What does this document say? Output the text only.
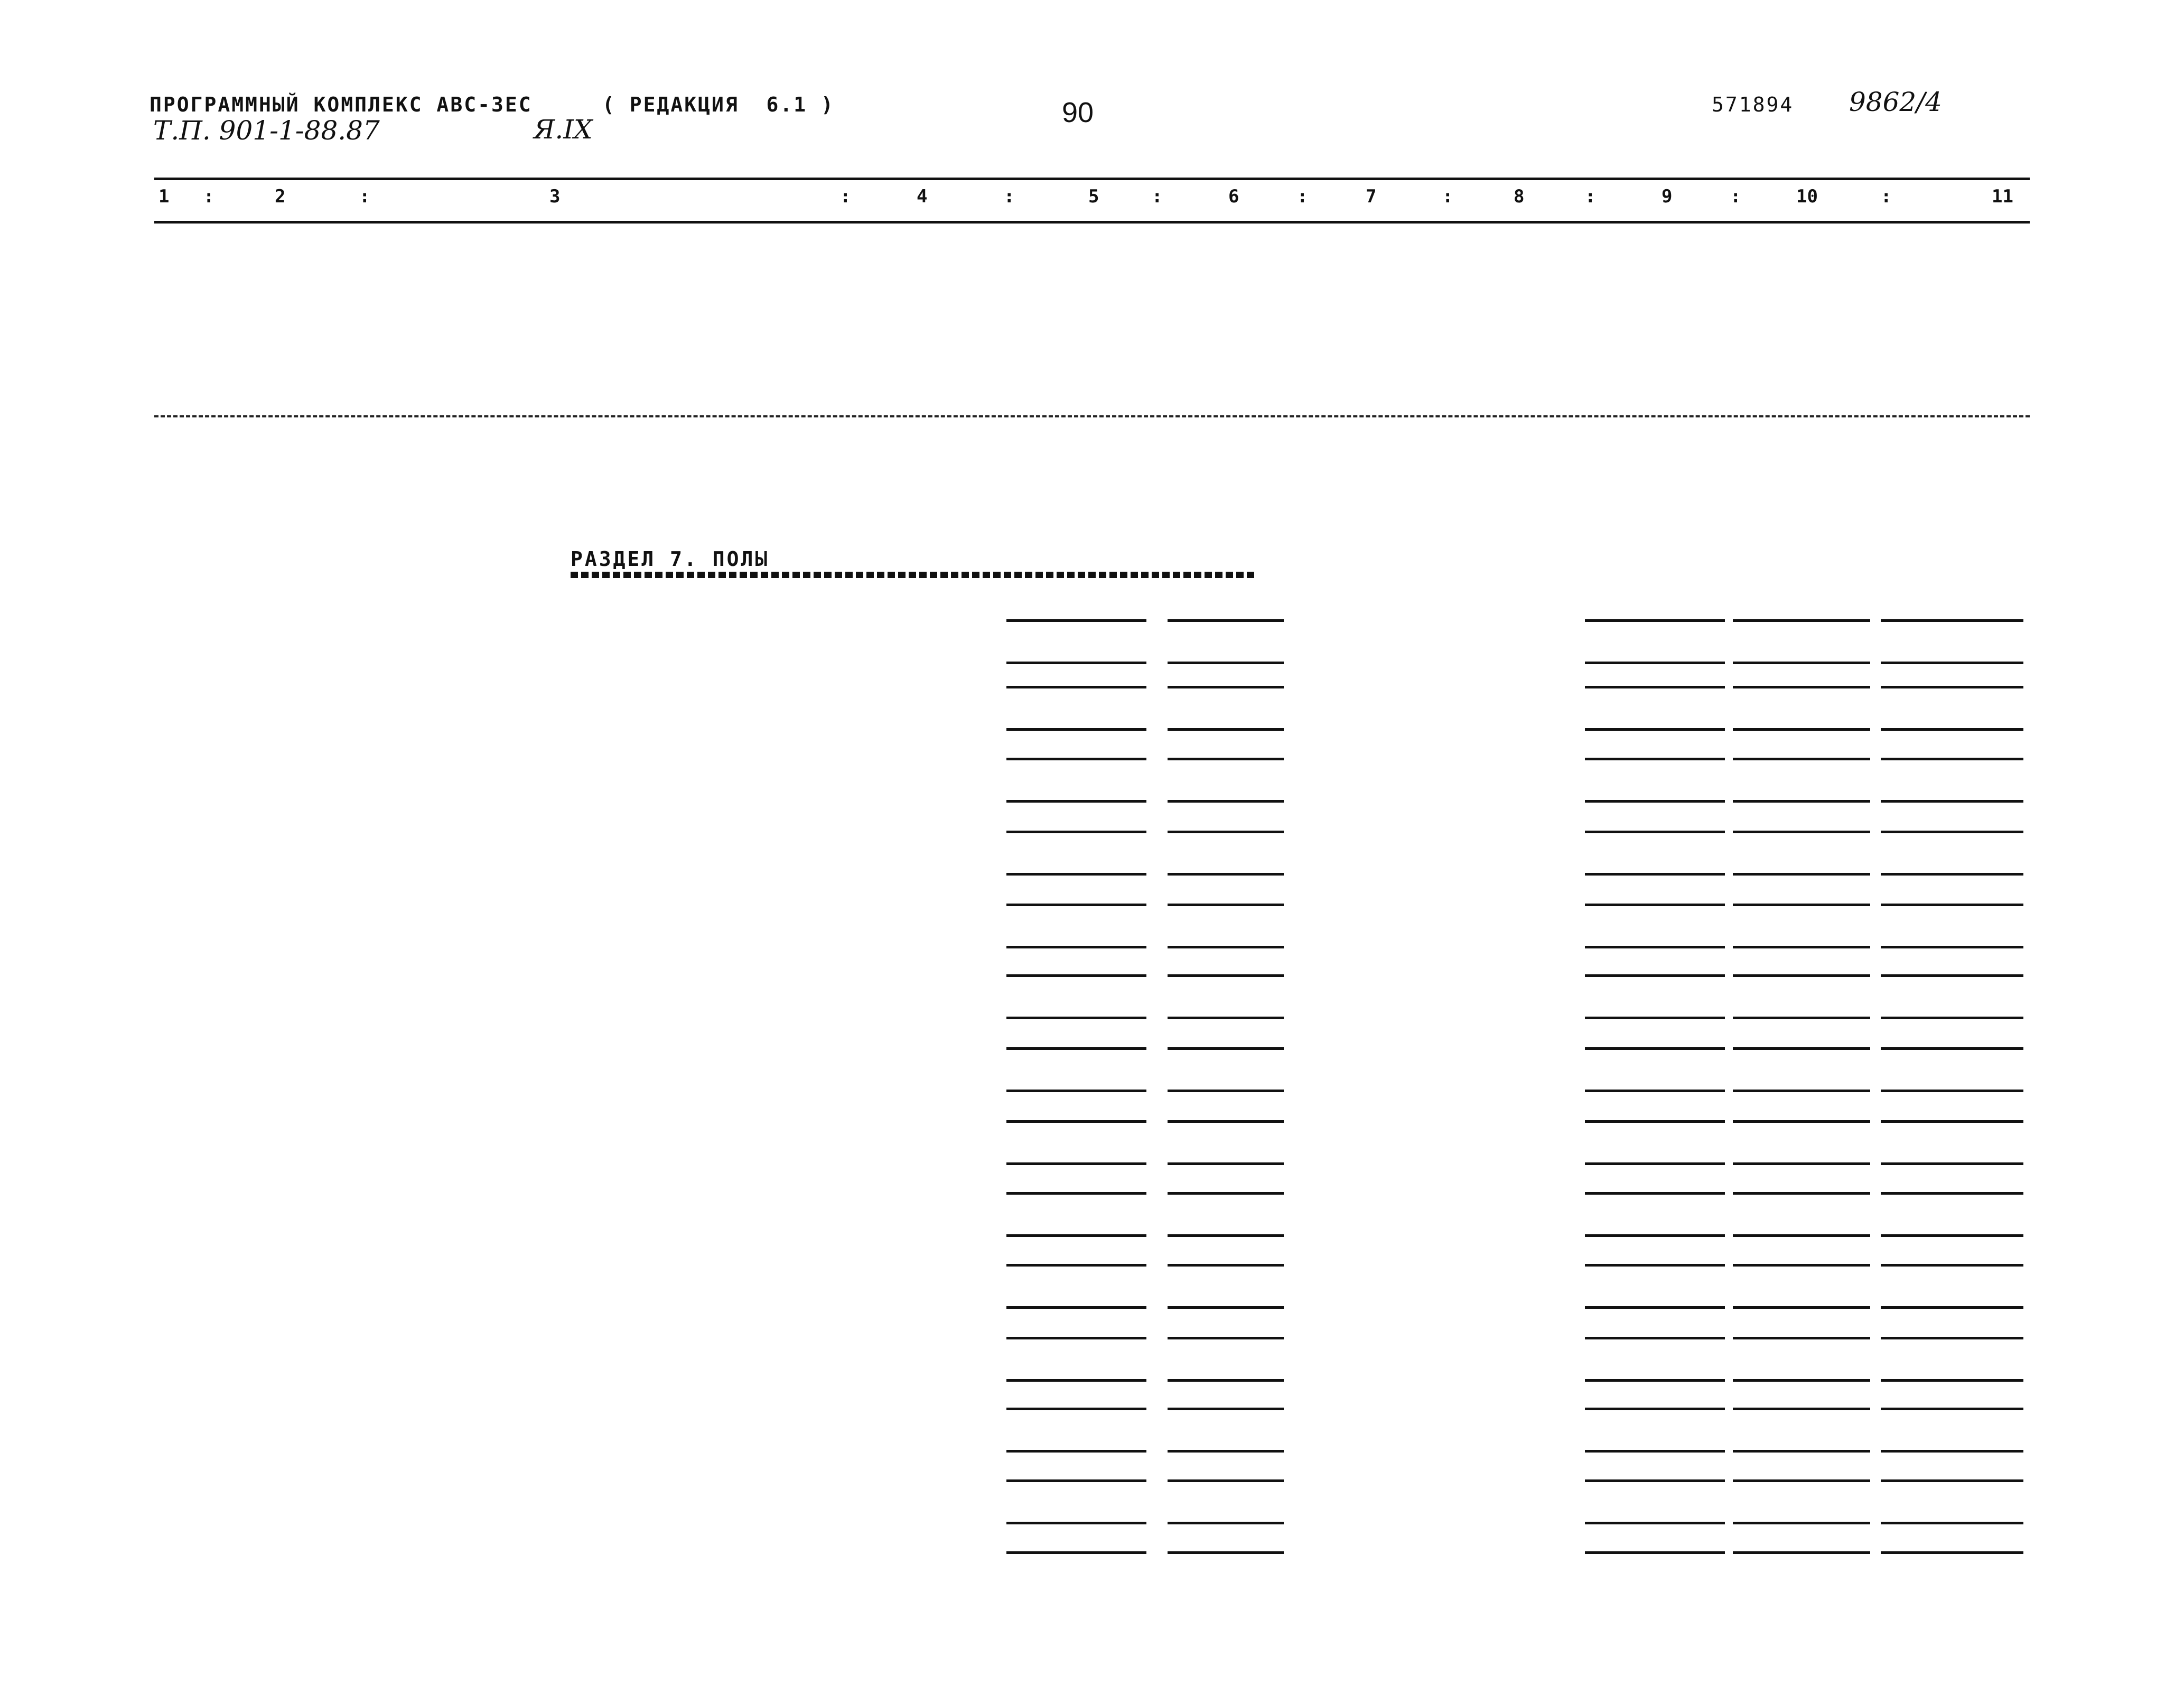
ПРОГРАММНЫЙ КОМПЛЕКС АВС-3ЕС	( РЕДАКЦИЯ  6.1 )	90	571894 9862/4
Т.П. 901-1-88.87	Я.IX
1	2	3	4	5	6	7	8	9	10	11
:	:	:	:	:	:	:	:	:	:
РАЗДЕЛ 7. ПОЛЫ
